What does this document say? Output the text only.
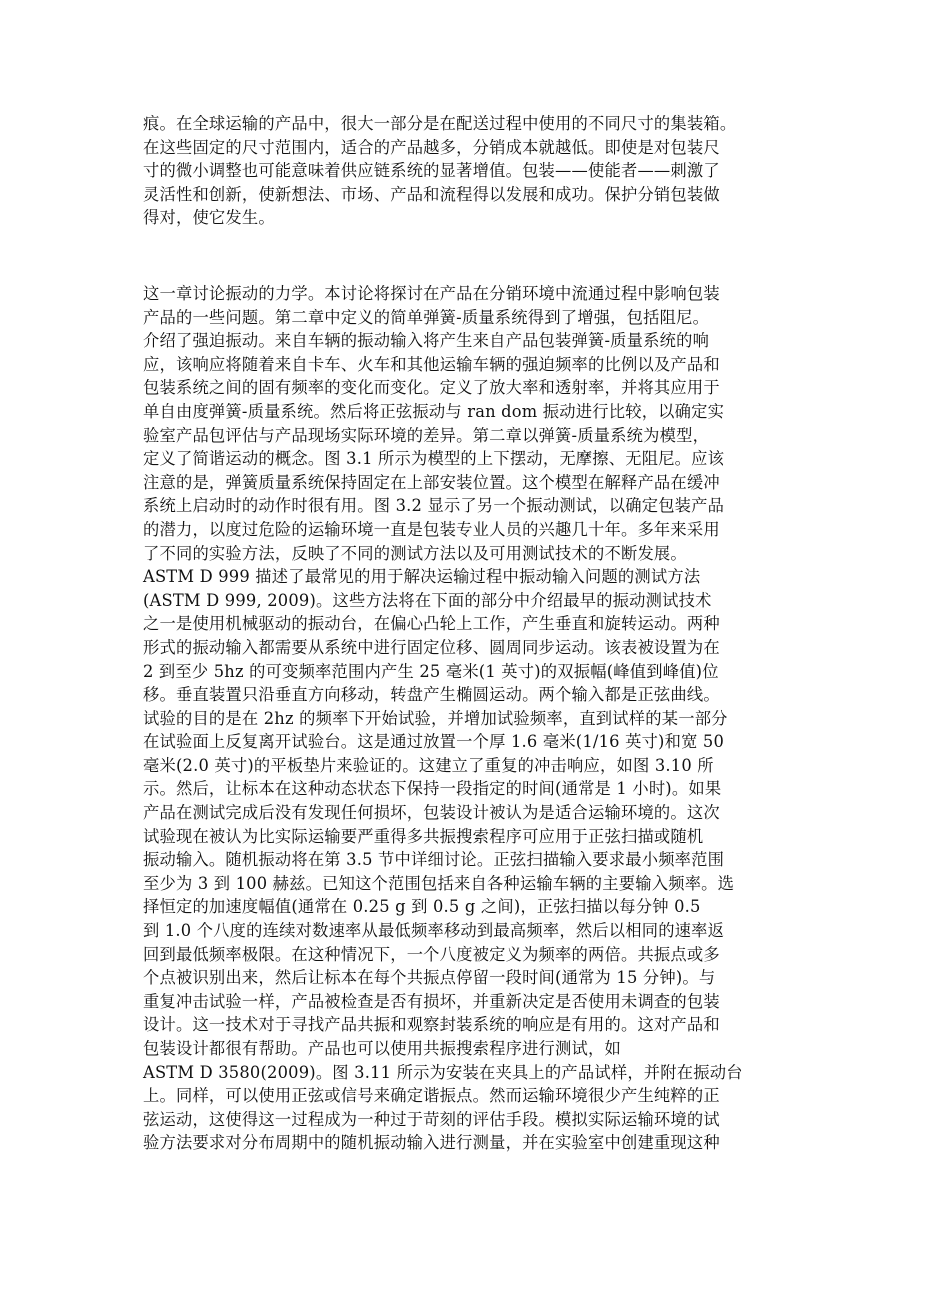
痕。在全球运输的产品中，很大一部分是在配送过程中使用的不同尺寸的集装箱。
在这些固定的尺寸范围内，适合的产品越多，分销成本就越低。即使是对包装尺
寸的微小调整也可能意味着供应链系统的显著增值。包装——使能者——刺激了
灵活性和创新，使新想法、市场、产品和流程得以发展和成功。保护分销包装做
得对，使它发生。

这一章讨论振动的力学。本讨论将探讨在产品在分销环境中流通过程中影响包装
产品的一些问题。第二章中定义的简单弹簧-质量系统得到了增强，包括阻尼。
介绍了强迫振动。来自车辆的振动输入将产生来自产品包装弹簧-质量系统的响
应，该响应将随着来自卡车、火车和其他运输车辆的强迫频率的比例以及产品和
包装系统之间的固有频率的变化而变化。定义了放大率和透射率，并将其应用于
单自由度弹簧-质量系统。然后将正弦振动与 ran dom 振动进行比较，以确定实
验室产品包评估与产品现场实际环境的差异。第二章以弹簧-质量系统为模型，
定义了简谐运动的概念。图 3.1 所示为模型的上下摆动，无摩擦、无阻尼。应该
注意的是，弹簧质量系统保持固定在上部安装位置。这个模型在解释产品在缓冲
系统上启动时的动作时很有用。图 3.2 显示了另一个振动测试，以确定包装产品
的潜力，以度过危险的运输环境一直是包装专业人员的兴趣几十年。多年来采用
了不同的实验方法，反映了不同的测试方法以及可用测试技术的不断发展。
ASTM D 999 描述了最常见的用于解决运输过程中振动输入问题的测试方法
(ASTM D 999, 2009)。这些方法将在下面的部分中介绍最早的振动测试技术
之一是使用机械驱动的振动台，在偏心凸轮上工作，产生垂直和旋转运动。两种
形式的振动输入都需要从系统中进行固定位移、圆周同步运动。该表被设置为在
2 到至少 5hz 的可变频率范围内产生 25 毫米(1 英寸)的双振幅(峰值到峰值)位
移。垂直装置只沿垂直方向移动，转盘产生椭圆运动。两个输入都是正弦曲线。
试验的目的是在 2hz 的频率下开始试验，并增加试验频率，直到试样的某一部分
在试验面上反复离开试验台。这是通过放置一个厚 1.6 毫米(1/16 英寸)和宽 50
毫米(2.0 英寸)的平板垫片来验证的。这建立了重复的冲击响应，如图 3.10 所
示。然后，让标本在这种动态状态下保持一段指定的时间(通常是 1 小时)。如果
产品在测试完成后没有发现任何损坏，包装设计被认为是适合运输环境的。这次
试验现在被认为比实际运输要严重得多共振搜索程序可应用于正弦扫描或随机
振动输入。随机振动将在第 3.5 节中详细讨论。正弦扫描输入要求最小频率范围
至少为 3 到 100 赫兹。已知这个范围包括来自各种运输车辆的主要输入频率。选
择恒定的加速度幅值(通常在 0.25 g 到 0.5 g 之间)，正弦扫描以每分钟 0.5
到 1.0 个八度的连续对数速率从最低频率移动到最高频率，然后以相同的速率返
回到最低频率极限。在这种情况下，一个八度被定义为频率的两倍。共振点或多
个点被识别出来，然后让标本在每个共振点停留一段时间(通常为 15 分钟)。与
重复冲击试验一样，产品被检查是否有损坏，并重新决定是否使用未调查的包装
设计。这一技术对于寻找产品共振和观察封装系统的响应是有用的。这对产品和
包装设计都很有帮助。产品也可以使用共振搜索程序进行测试，如
ASTM D 3580(2009)。图 3.11 所示为安装在夹具上的产品试样，并附在振动台
上。同样，可以使用正弦或信号来确定谐振点。然而运输环境很少产生纯粹的正
弦运动，这使得这一过程成为一种过于苛刻的评估手段。模拟实际运输环境的试
验方法要求对分布周期中的随机振动输入进行测量，并在实验室中创建重现这种
